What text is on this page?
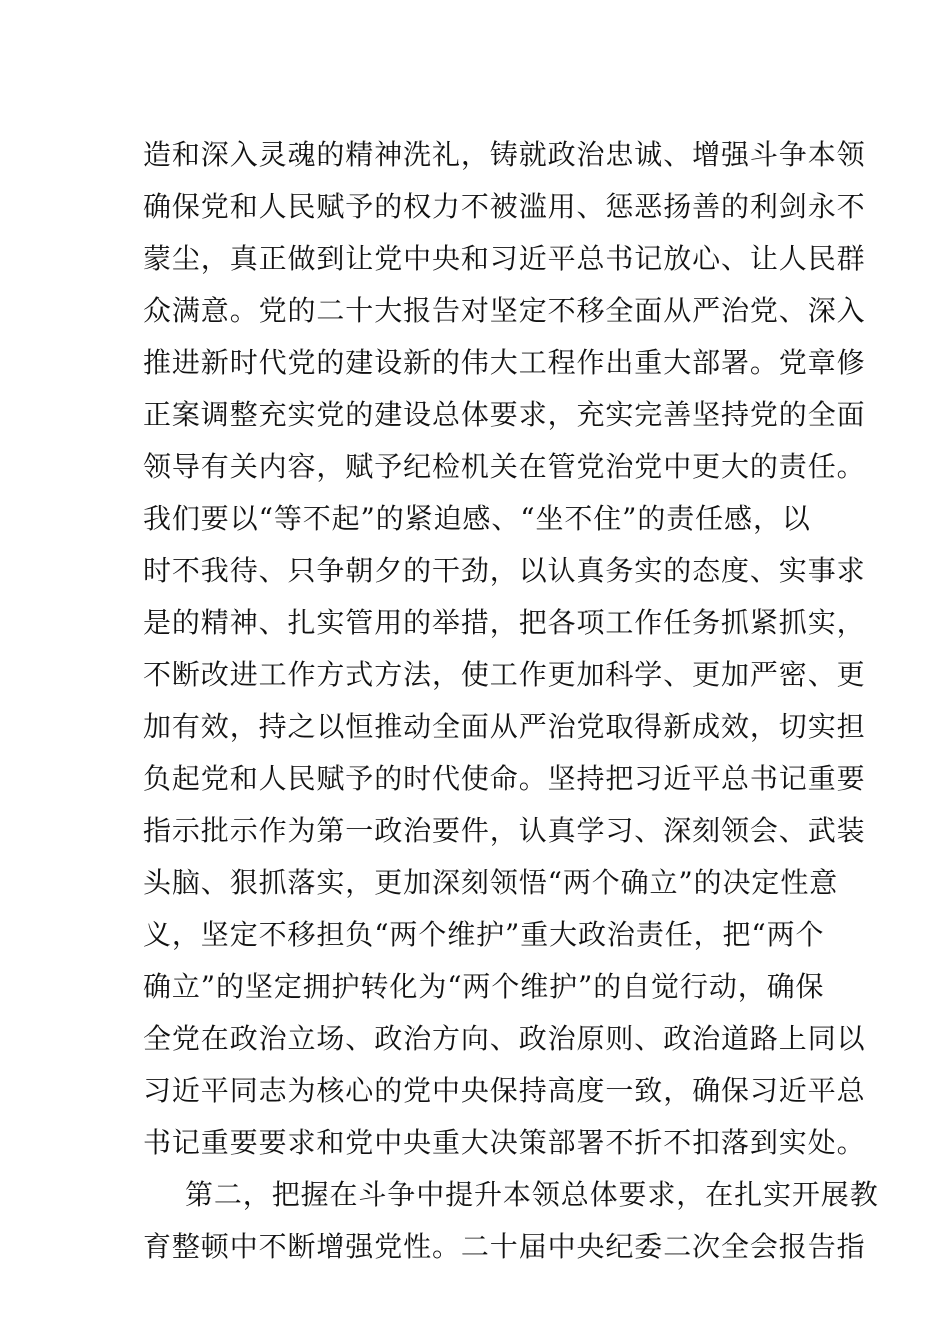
造和深入灵魂的精神洗礼，铸就政治忠诚、增强斗争本领
确保党和人民赋予的权力不被滥用、惩恶扬善的利剑永不
蒙尘，真正做到让党中央和习近平总书记放心、让人民群
众满意。党的二十大报告对坚定不移全面从严治党、深入
推进新时代党的建设新的伟大工程作出重大部署。党章修
正案调整充实党的建设总体要求，充实完善坚持党的全面
领导有关内容，赋予纪检机关在管党治党中更大的责任。
我们要以“等不起”的紧迫感、“坐不住”的责任感，以
时不我待、只争朝夕的干劲，以认真务实的态度、实事求
是的精神、扎实管用的举措，把各项工作任务抓紧抓实，
不断改进工作方式方法，使工作更加科学、更加严密、更
加有效，持之以恒推动全面从严治党取得新成效，切实担
负起党和人民赋予的时代使命。坚持把习近平总书记重要
指示批示作为第一政治要件，认真学习、深刻领会、武装
头脑、狠抓落实，更加深刻领悟“两个确立”的决定性意
义，坚定不移担负“两个维护”重大政治责任，把“两个
确立”的坚定拥护转化为“两个维护”的自觉行动，确保
全党在政治立场、政治方向、政治原则、政治道路上同以
习近平同志为核心的党中央保持高度一致，确保习近平总
书记重要要求和党中央重大决策部署不折不扣落到实处。
第二，把握在斗争中提升本领总体要求，在扎实开展教
育整顿中不断增强党性。二十届中央纪委二次全会报告指
